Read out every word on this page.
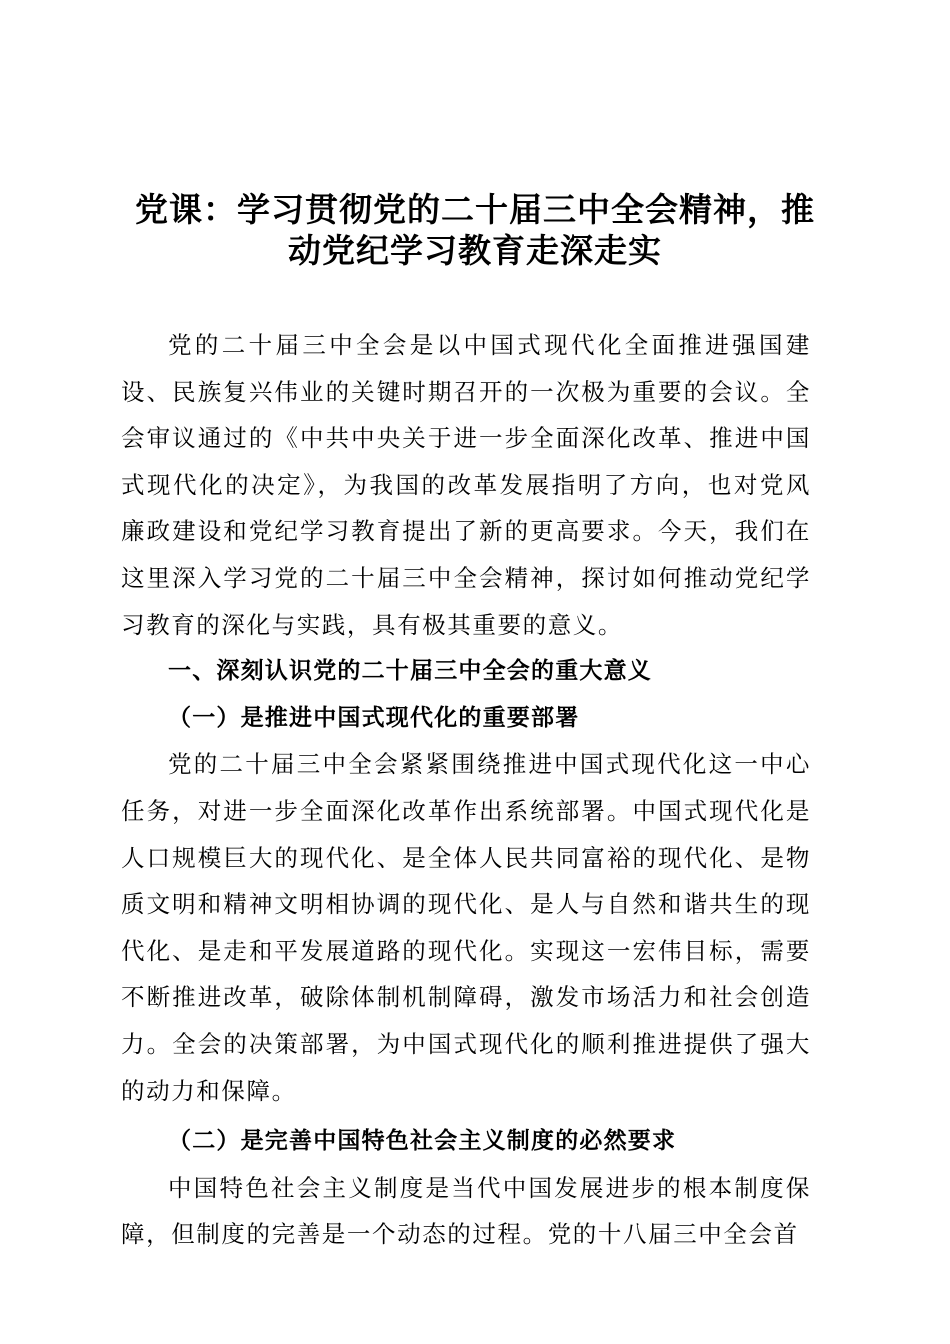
党课：学习贯彻党的二十届三中全会精神，推
动党纪学习教育走深走实

党的二十届三中全会是以中国式现代化全面推进强国建设、民族复兴伟业的关键时期召开的一次极为重要的会议。全会审议通过的《中共中央关于进一步全面深化改革、推进中国式现代化的决定》，为我国的改革发展指明了方向，也对党风廉政建设和党纪学习教育提出了新的更高要求。今天，我们在这里深入学习党的二十届三中全会精神，探讨如何推动党纪学习教育的深化与实践，具有极其重要的意义。

一、深刻认识党的二十届三中全会的重大意义
（一）是推进中国式现代化的重要部署

党的二十届三中全会紧紧围绕推进中国式现代化这一中心任务，对进一步全面深化改革作出系统部署。中国式现代化是人口规模巨大的现代化、是全体人民共同富裕的现代化、是物质文明和精神文明相协调的现代化、是人与自然和谐共生的现代化、是走和平发展道路的现代化。实现这一宏伟目标，需要不断推进改革，破除体制机制障碍，激发市场活力和社会创造力。全会的决策部署，为中国式现代化的顺利推进提供了强大的动力和保障。

（二）是完善中国特色社会主义制度的必然要求

中国特色社会主义制度是当代中国发展进步的根本制度保障，但制度的完善是一个动态的过程。党的十八届三中全会首
